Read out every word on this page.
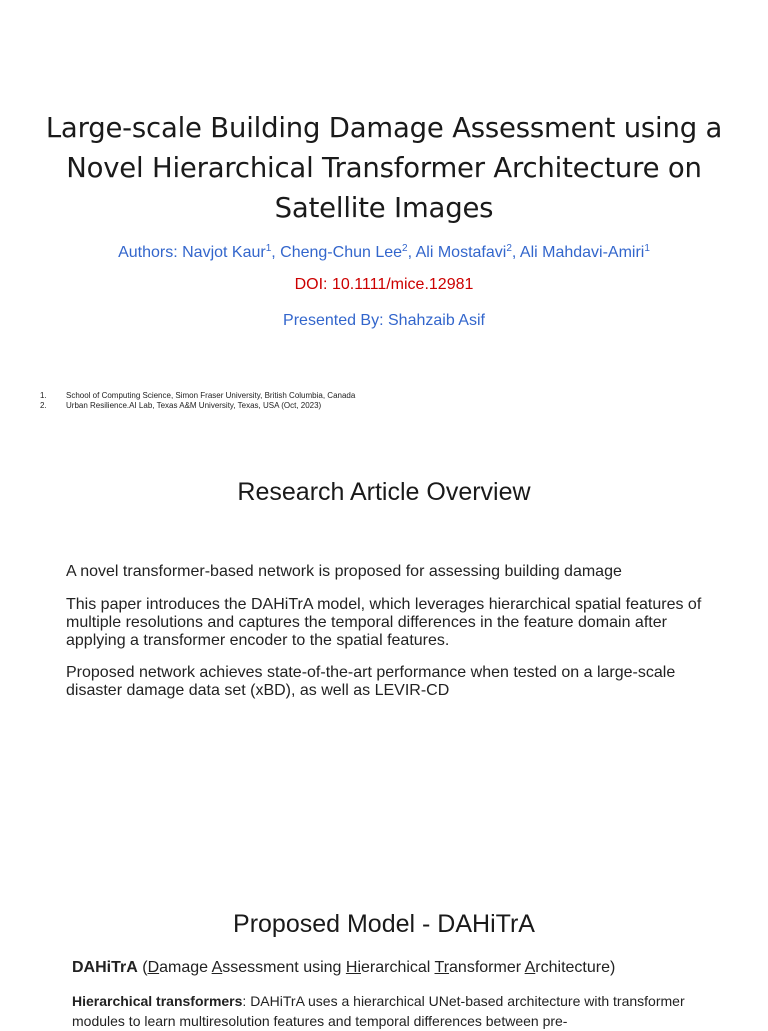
Large-scale Building Damage Assessment using a
Novel Hierarchical Transformer Architecture on
Satellite Images
Authors: Navjot Kaur$^1$, Cheng-Chun Lee$^2$, Ali Mostafavi$^2$, Ali Mahdavi-Amiri$^1$
DOI: 10.1111/mice.12981
Presented By: Shahzaib Asif
1.	School of Computing Science, Simon Fraser University, British Columbia, Canada
2.	Urban Resilience.AI Lab, Texas A&M University, Texas, USA (Oct, 2023)
Research Article Overview
A novel transformer-based network is proposed for assessing building damage
This paper introduces the DAHiTrA model, which leverages hierarchical spatial features of multiple resolutions and captures the temporal differences in the feature domain after applying a transformer encoder to the spatial features.
Proposed network achieves state-of-the-art performance when tested on a large-scale disaster damage data set (xBD), as well as LEVIR-CD
Proposed Model - DAHiTrA
DAHiTrA (Damage Assessment using Hierarchical Transformer Architecture)
Hierarchical transformers: DAHiTrA uses a hierarchical UNet-based architecture with transformer modules to learn multiresolution features and temporal differences between pre-
